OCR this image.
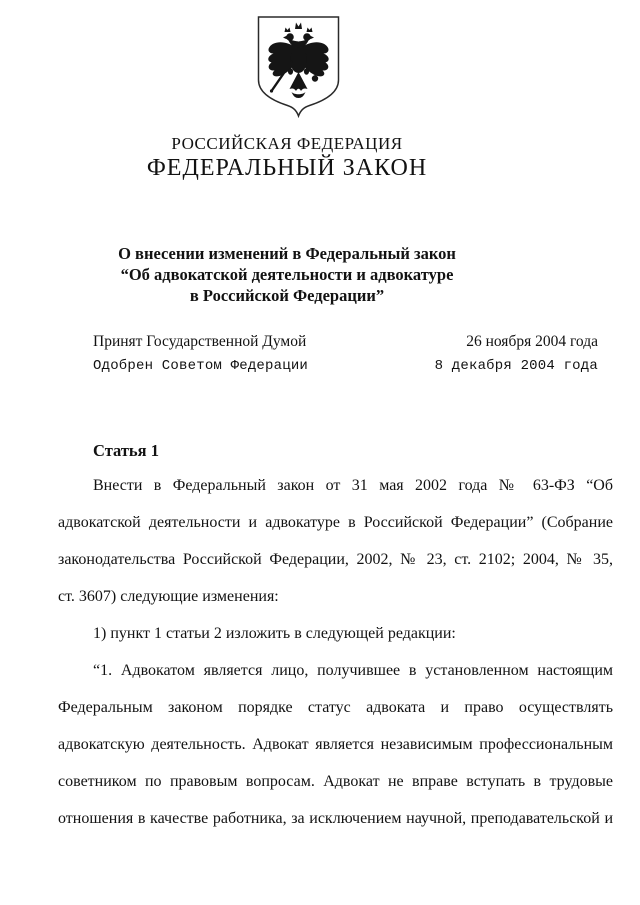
РОССИЙСКАЯ ФЕДЕРАЦИЯ
ФЕДЕРАЛЬНЫЙ ЗАКОН
О внесении изменений в Федеральный закон
“Об адвокатской деятельности и адвокатуре
в Российской Федерации”
Принят Государственной Думой	26 ноября 2004 года
Одобрен Советом Федерации	8 декабря 2004 года
Статья 1
Внести в Федеральный закон от 31 мая 2002 года № 63-ФЗ “Об
адвокатской деятельности и адвокатуре в Российской Федерации” (Собрание
законодательства Российской Федерации, 2002, № 23, ст. 2102; 2004, № 35,
ст. 3607) следующие изменения:
1) пункт 1 статьи 2 изложить в следующей редакции:
“1. Адвокатом является лицо, получившее в установленном настоящим
Федеральным законом порядке статус адвоката и право осуществлять
адвокатскую деятельность. Адвокат является независимым профессиональным
советником по правовым вопросам. Адвокат не вправе вступать в трудовые
отношения в качестве работника, за исключением научной, преподавательской и
